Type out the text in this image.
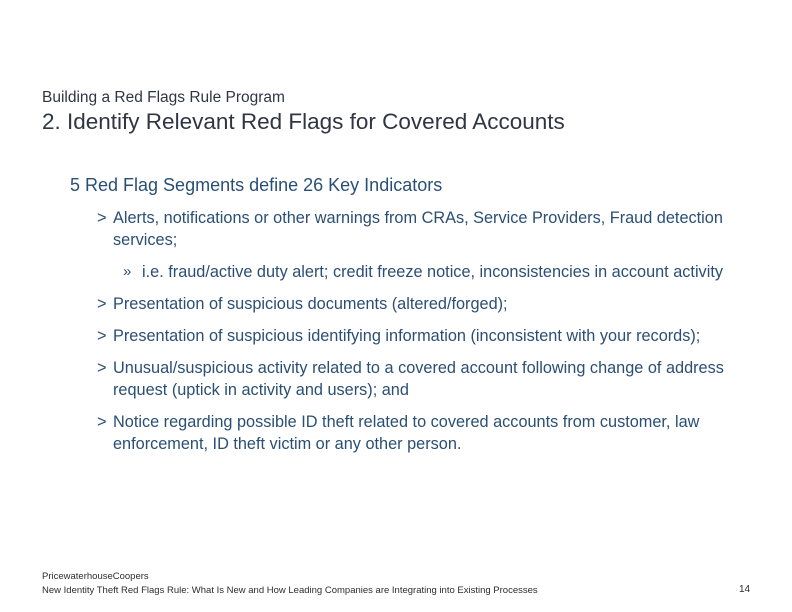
Building a Red Flags Rule Program
2. Identify Relevant Red Flags for Covered Accounts
5 Red Flag Segments define 26 Key Indicators
> Alerts, notifications or other warnings from CRAs, Service Providers, Fraud detection services;
» i.e. fraud/active duty alert; credit freeze notice, inconsistencies in account activity
> Presentation of suspicious documents (altered/forged);
> Presentation of suspicious identifying information (inconsistent with your records);
> Unusual/suspicious activity related to a covered account following change of address request (uptick in activity and users); and
> Notice regarding possible ID theft related to covered accounts from customer, law enforcement, ID theft victim or any other person.
PricewaterhouseCoopers
New Identity Theft Red Flags Rule: What Is New and How Leading Companies are Integrating into Existing Processes	14
